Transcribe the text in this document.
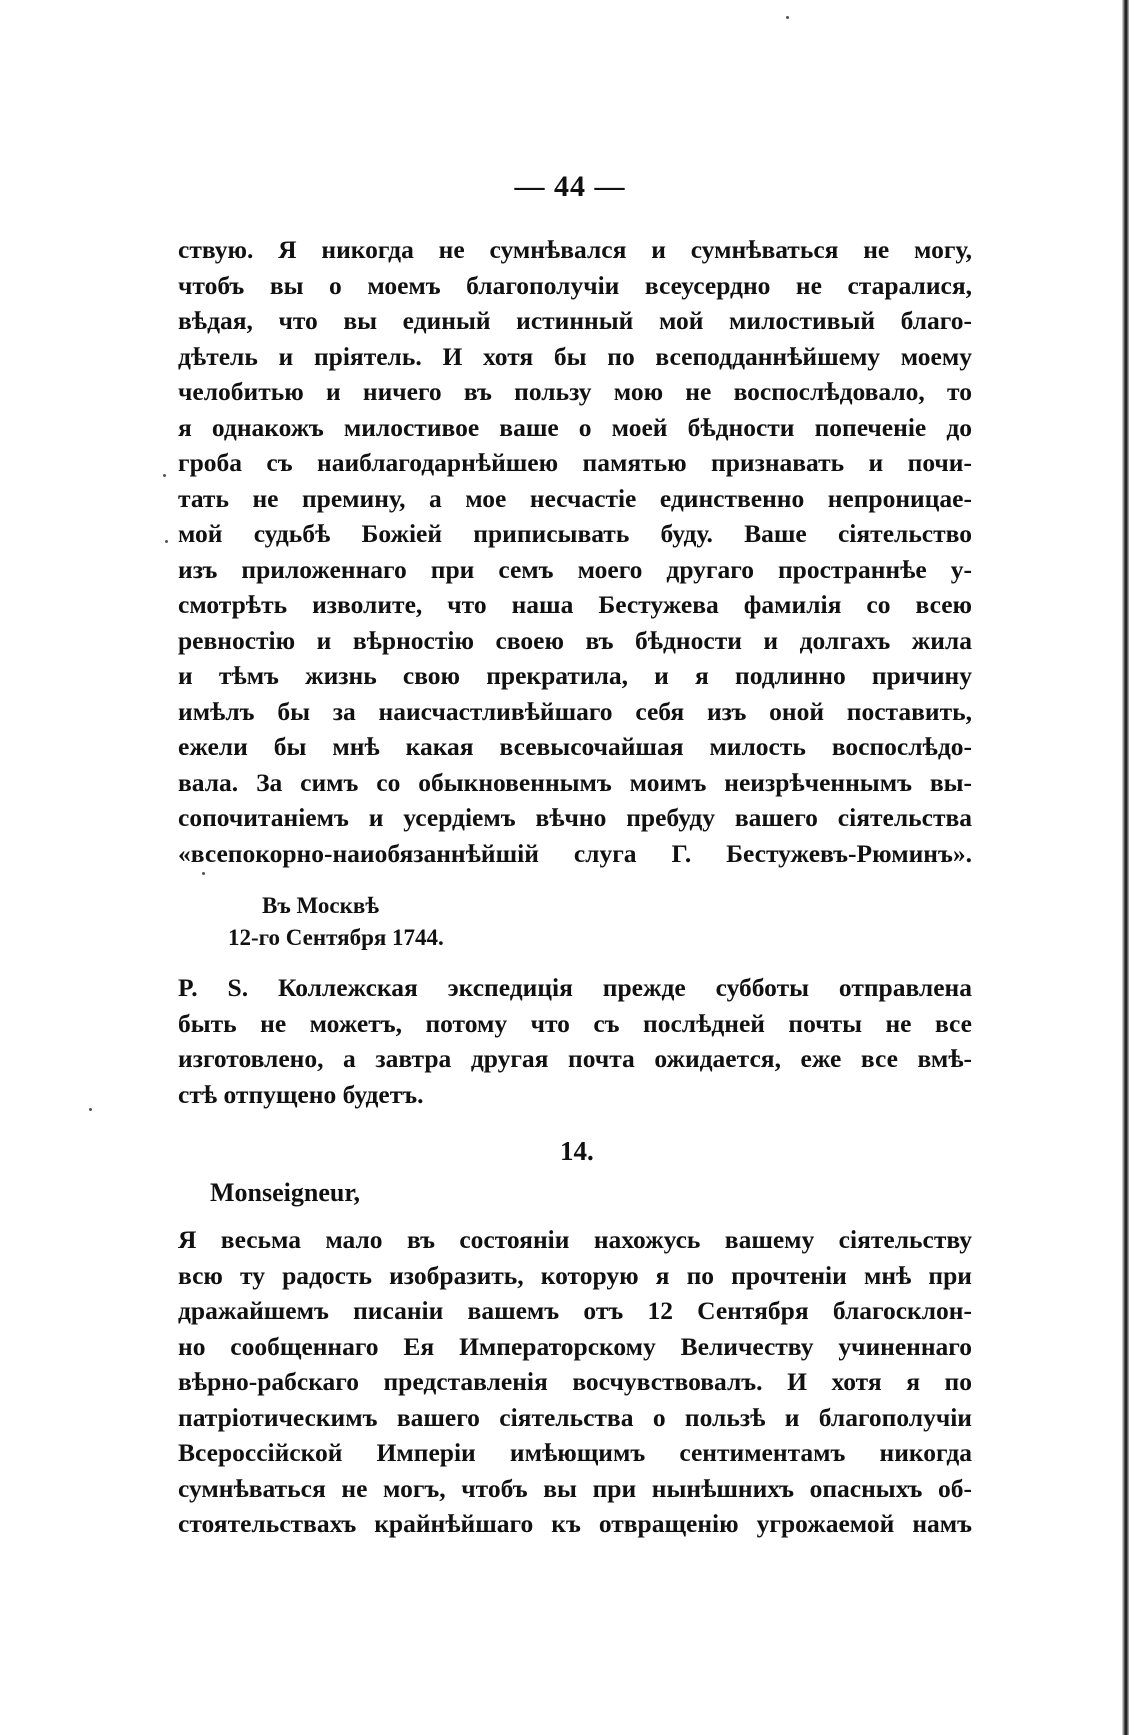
— 44 —
ствую. Я никогда не сумнѣвался и сумнѣваться не могу,
чтобъ вы о моемъ благополучіи всеусердно не старалися,
вѣдая, что вы единый истинный мой милостивый благо-
дѣтель и пріятель. И хотя бы по всеподданнѣйшему моему
челобитью и ничего въ пользу мою не воспослѣдовало, то
я однакожъ милостивое ваше о моей бѣдности попеченіе до
гроба съ наиблагодарнѣйшею памятью признавать и почи-
тать не премину, а мое несчастіе единственно непроницае-
мой судьбѣ Божіей приписывать буду. Ваше сіятельство
изъ приложеннаго при семъ моего другаго пространнѣе у-
смотрѣть изволите, что наша Бестужева фамилія со всею
ревностію и вѣрностію своею въ бѣдности и долгахъ жила
и тѣмъ жизнь свою прекратила, и я подлинно причину
имѣлъ бы за наисчастливѣйшаго себя изъ оной поставить,
ежели бы мнѣ какая всевысочайшая милость воспослѣдо-
вала. За симъ со обыкновеннымъ моимъ неизрѣченнымъ вы-
сопочитаніемъ и усердіемъ вѣчно пребуду вашего сіятельства
«всепокорно-наиобязаннѣйшій слуга Г. Бестужевъ-Рюминъ».
Въ Москвѣ
12-го Сентября 1744.
P. S. Коллежская экспедиція прежде субботы отправлена
быть не можетъ, потому что съ послѣдней почты не все
изготовлено, а завтра другая почта ожидается, еже все вмѣ-
стѣ отпущено будетъ.
14.
Monseigneur,
Я весьма мало въ состояніи нахожусь вашему сіятельству
всю ту радость изобразить, которую я по прочтеніи мнѣ при
дражайшемъ писаніи вашемъ отъ 12 Сентября благосклон-
но сообщеннаго Ея Императорскому Величеству учиненнаго
вѣрно-рабскаго представленія восчувствовалъ. И хотя я по
патріотическимъ вашего сіятельства о пользѣ и благополучіи
Всероссійской Имперіи имѣющимъ сентиментамъ никогда
сумнѣваться не могъ, чтобъ вы при нынѣшнихъ опасныхъ об-
стоятельствахъ крайнѣйшаго къ отвращенію угрожаемой намъ
